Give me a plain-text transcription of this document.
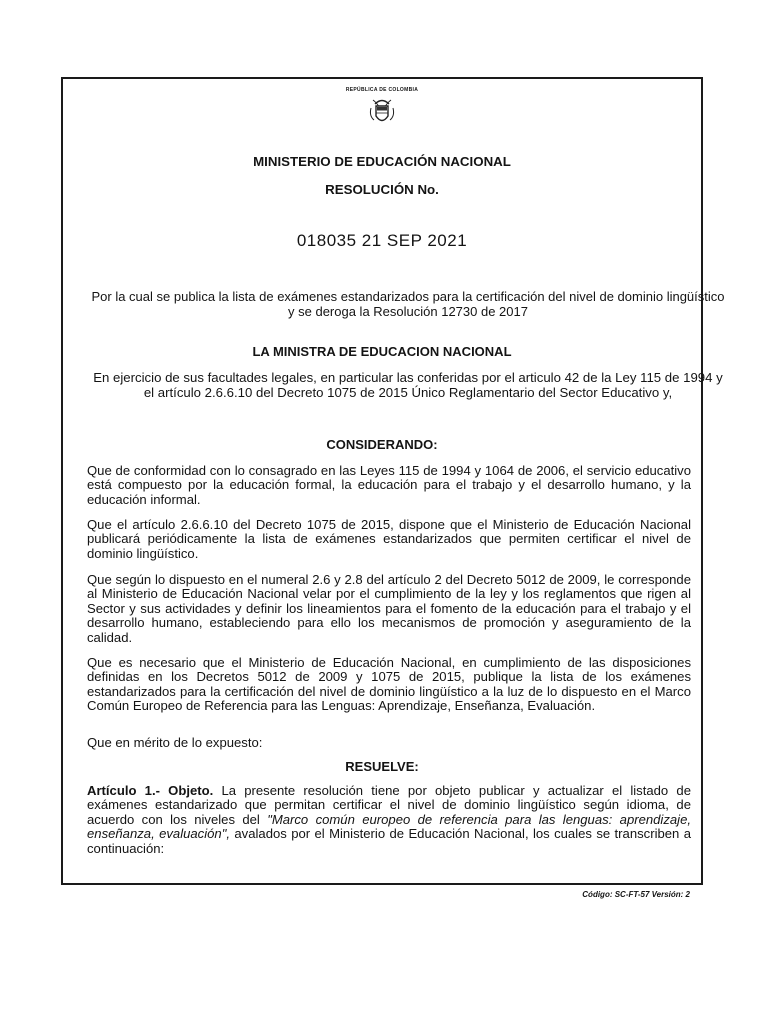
REPÚBLICA DE COLOMBIA
MINISTERIO DE EDUCACIÓN NACIONAL
RESOLUCIÓN No.
018035 21 SEP 2021
Por la cual se publica la lista de exámenes estandarizados para la certificación del nivel de dominio lingüístico y se deroga la Resolución 12730 de 2017
LA MINISTRA DE EDUCACION NACIONAL
En ejercicio de sus facultades legales, en particular las conferidas por el articulo 42 de la Ley 115 de 1994 y el artículo 2.6.6.10 del Decreto 1075 de 2015 Único Reglamentario del Sector Educativo y,
CONSIDERANDO:
Que de conformidad con lo consagrado en las Leyes 115 de 1994 y 1064 de 2006, el servicio educativo está compuesto por la educación formal, la educación para el trabajo y el desarrollo humano, y la educación informal.
Que el artículo 2.6.6.10 del Decreto 1075 de 2015, dispone que el Ministerio de Educación Nacional publicará periódicamente la lista de exámenes estandarizados que permiten certificar el nivel de dominio lingüístico.
Que según lo dispuesto en el numeral 2.6 y 2.8 del artículo 2 del Decreto 5012 de 2009, le corresponde al Ministerio de Educación Nacional velar por el cumplimiento de la ley y los reglamentos que rigen al Sector y sus actividades y definir los lineamientos para el fomento de la educación para el trabajo y el desarrollo humano, estableciendo para ello los mecanismos de promoción y aseguramiento de la calidad.
Que es necesario que el Ministerio de Educación Nacional, en cumplimiento de las disposiciones definidas en los Decretos 5012 de 2009 y 1075 de 2015, publique la lista de los exámenes estandarizados para la certificación del nivel de dominio lingüístico a la luz de lo dispuesto en el Marco Común Europeo de Referencia para las Lenguas: Aprendizaje, Enseñanza, Evaluación.
Que en mérito de lo expuesto:
RESUELVE:
Artículo 1.- Objeto. La presente resolución tiene por objeto publicar y actualizar el listado de exámenes estandarizado que permitan certificar el nivel de dominio lingüístico según idioma, de acuerdo con los niveles del "Marco común europeo de referencia para las lenguas: aprendizaje, enseñanza, evaluación", avalados por el Ministerio de Educación Nacional, los cuales se transcriben a continuación:
Código: SC-FT-57 Versión: 2
